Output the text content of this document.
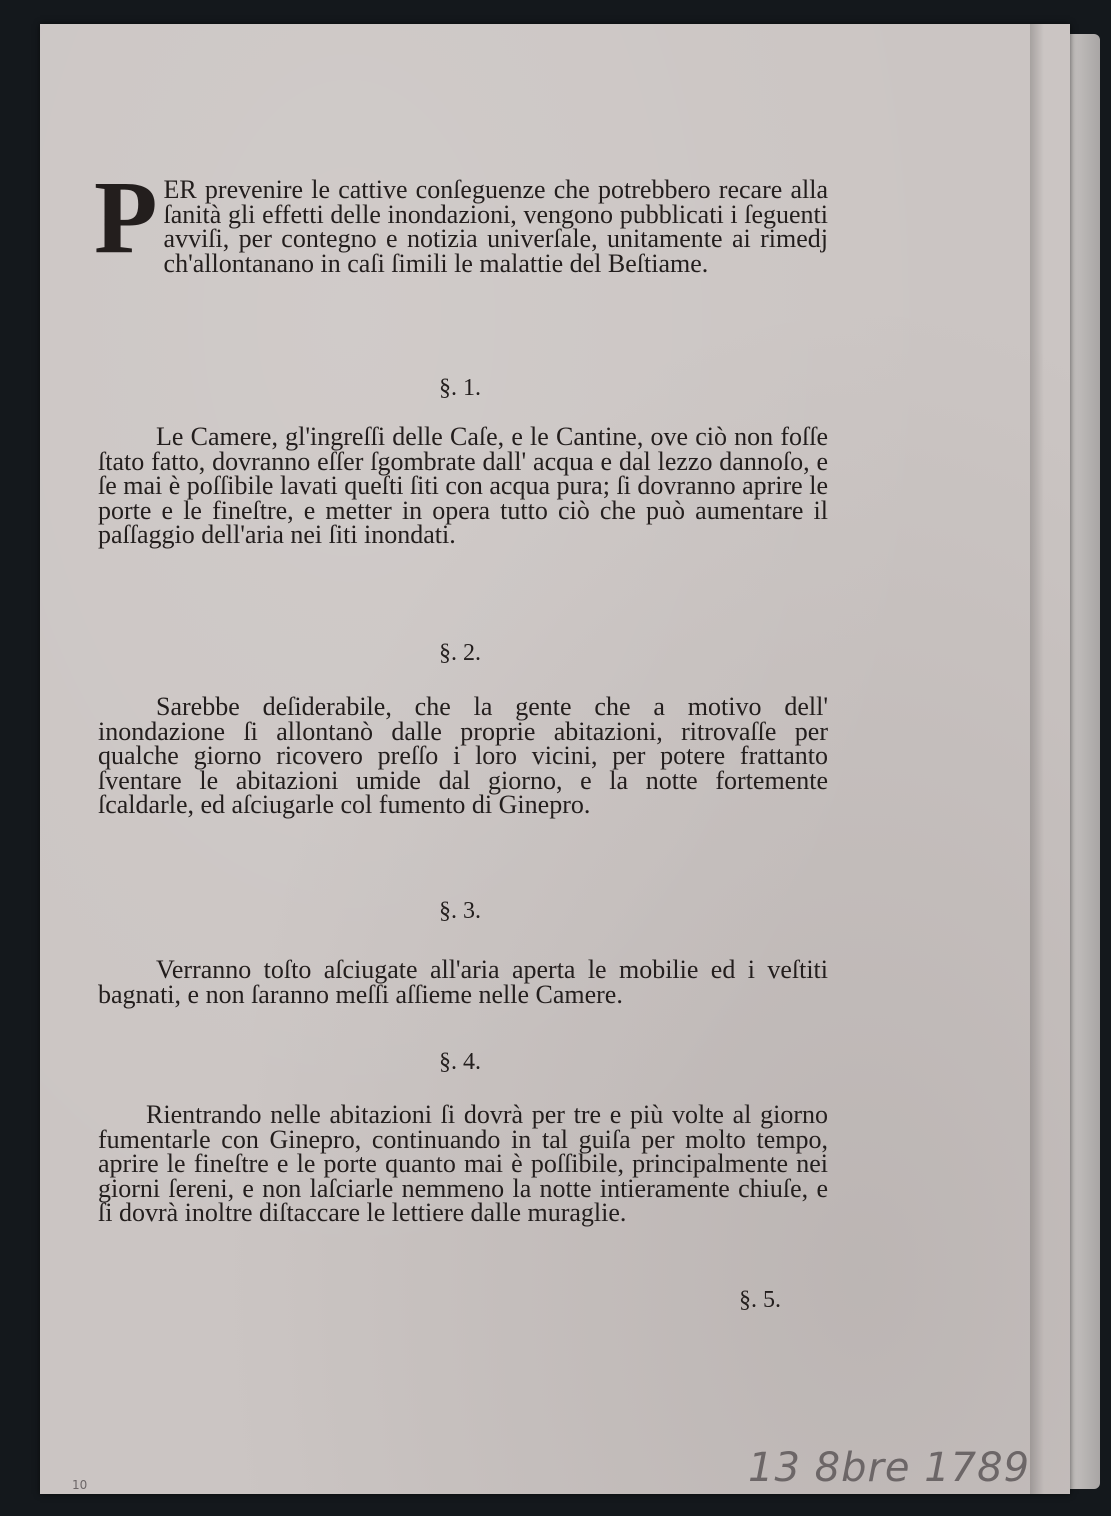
PER prevenire le cattive conſeguenze che potrebbero recare alla ſanità gli effetti delle inondazioni, vengono pubblicati i ſeguenti avviſi, per contegno e notizia univerſale, unitamente ai rimedj ch'allontanano in caſi ſimili le malattie del Beſtiame.
§. 1.
Le Camere, gl'ingreſſi delle Caſe, e le Cantine, ove ciò non foſſe ſtato fatto, dovranno eſſer ſgombrate dall' acqua e dal lezzo dannoſo, e ſe mai è poſſibile lavati queſti ſiti con acqua pura; ſi dovranno aprire le porte e le fineſtre, e metter in opera tutto ciò che può aumentare il paſſaggio dell'aria nei ſiti inondati.
§. 2.
Sarebbe deſiderabile, che la gente che a motivo dell' inondazione ſi allontanò dalle proprie abitazioni, ritrovaſſe per qualche giorno ricovero preſſo i loro vicini, per potere frattanto ſventare le abitazioni umide dal giorno, e la notte fortemente ſcaldarle, ed aſciugarle col fumento di Ginepro.
§. 3.
Verranno toſto aſciugate all'aria aperta le mobilie ed i veſtiti bagnati, e non ſaranno meſſi aſſieme nelle Camere.
§. 4.
Rientrando nelle abitazioni ſi dovrà per tre e più volte al giorno fumentarle con Ginepro, continuando in tal guiſa per molto tempo, aprire le fineſtre e le porte quanto mai è poſſibile, principalmente nei giorni ſereni, e non laſciarle nemmeno la notte intieramente chiuſe, e ſi dovrà inoltre diſtaccare le lettiere dalle muraglie.
§. 5.
13 8bre 1789
10
